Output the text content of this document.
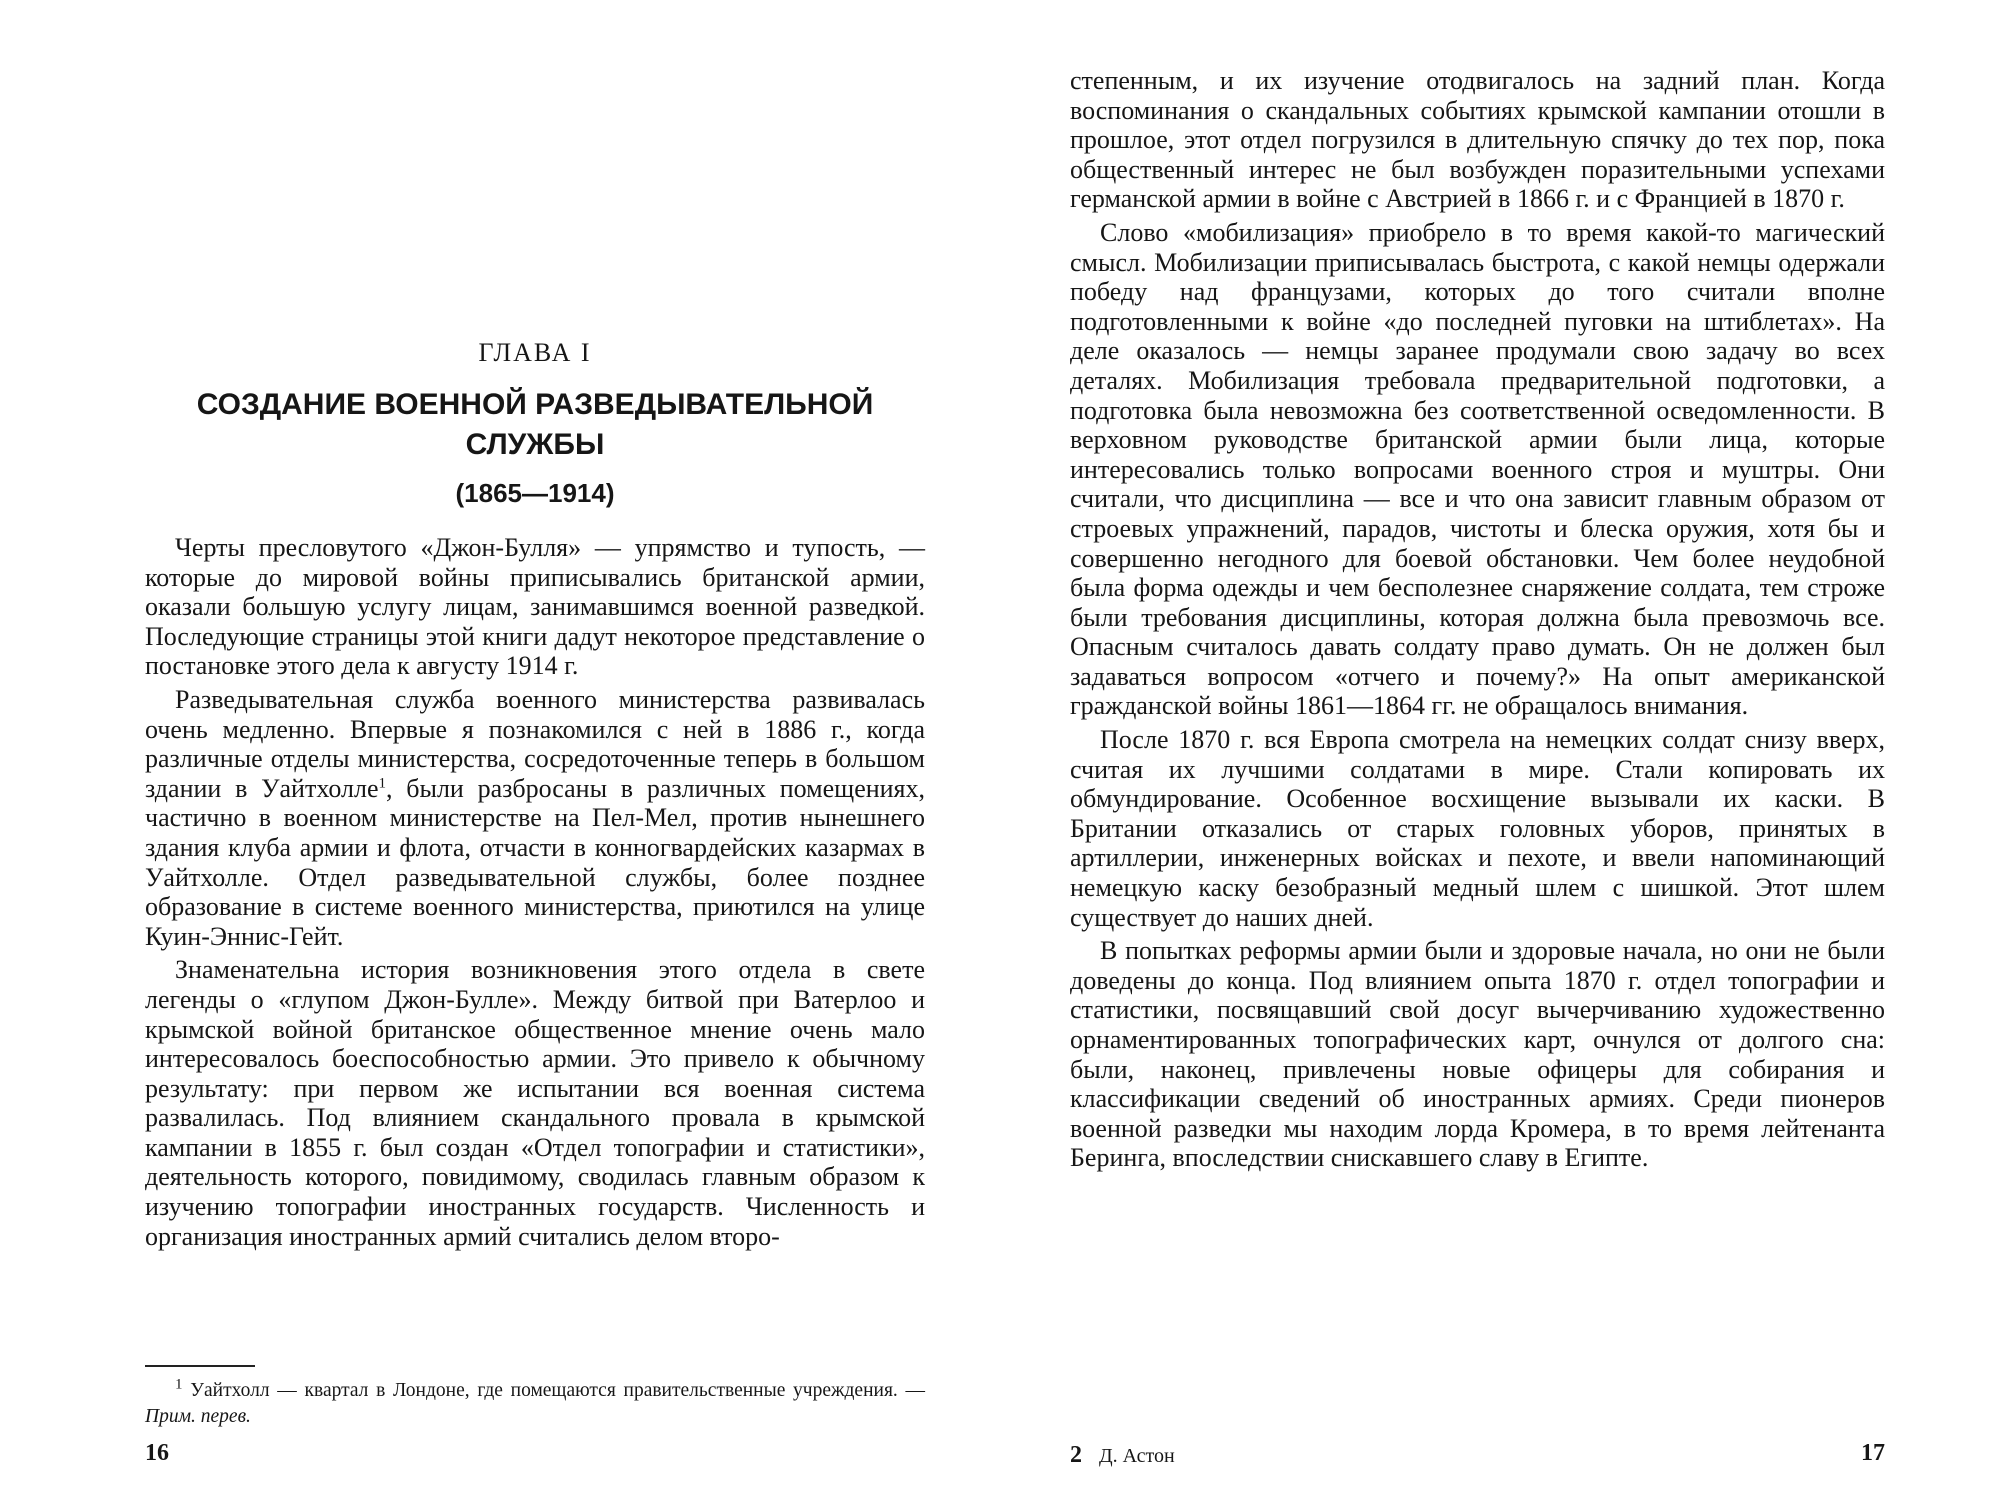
ГЛАВА I
СОЗДАНИЕ ВОЕННОЙ РАЗВЕДЫВАТЕЛЬНОЙ
СЛУЖБЫ
(1865—1914)

Черты пресловутого «Джон-Булля» — упрямство и тупость, — которые до мировой войны приписывались британской армии, оказали большую услугу лицам, занимавшимся военной разведкой. Последующие страницы этой книги дадут некоторое представление о постановке этого дела к августу 1914 г.

Разведывательная служба военного министерства развивалась очень медленно. Впервые я познакомился с ней в 1886 г., когда различные отделы министерства, сосредоточенные теперь в большом здании в Уайтхолле$^1$, были разбросаны в различных помещениях, частично в военном министерстве на Пел-Мел, против нынешнего здания клуба армии и флота, отчасти в конногвардейских казармах в Уайтхолле. Отдел разведывательной службы, более позднее образование в системе военного министерства, приютился на улице Куин-Эннис-Гейт.

Знаменательна история возникновения этого отдела в свете легенды о «глупом Джон-Булле». Между битвой при Ватерлоо и крымской войной британское общественное мнение очень мало интересовалось боеспособностью армии. Это привело к обычному результату: при первом же испытании вся военная система развалилась. Под влиянием скандального провала в крымской кампании в 1855 г. был создан «Отдел топографии и статистики», деятельность которого, повидимому, сводилась главным образом к изучению топографии иностранных государств. Численность и организация иностранных армий считались делом второ-

$^1$ Уайтхолл — квартал в Лондоне, где помещаются правительственные учреждения. — Прим. перев.
16

степенным, и их изучение отодвигалось на задний план. Когда воспоминания о скандальных событиях крымской кампании отошли в прошлое, этот отдел погрузился в длительную спячку до тех пор, пока общественный интерес не был возбужден поразительными успехами германской армии в войне с Австрией в 1866 г. и с Францией в 1870 г.

Слово «мобилизация» приобрело в то время какой-то магический смысл. Мобилизации приписывалась быстрота, с какой немцы одержали победу над французами, которых до того считали вполне подготовленными к войне «до последней пуговки на штиблетах». На деле оказалось — немцы заранее продумали свою задачу во всех деталях. Мобилизация требовала предварительной подготовки, а подготовка была невозможна без соответственной осведомленности. В верховном руководстве британской армии были лица, которые интересовались только вопросами военного строя и муштры. Они считали, что дисциплина — все и что она зависит главным образом от строевых упражнений, парадов, чистоты и блеска оружия, хотя бы и совершенно негодного для боевой обстановки. Чем более неудобной была форма одежды и чем бесполезнее снаряжение солдата, тем строже были требования дисциплины, которая должна была превозмочь все. Опасным считалось давать солдату право думать. Он не должен был задаваться вопросом «отчего и почему?» На опыт американской гражданской войны 1861—1864 гг. не обращалось внимания.

После 1870 г. вся Европа смотрела на немецких солдат снизу вверх, считая их лучшими солдатами в мире. Стали копировать их обмундирование. Особенное восхищение вызывали их каски. В Британии отказались от старых головных уборов, принятых в артиллерии, инженерных войсках и пехоте, и ввели напоминающий немецкую каску безобразный медный шлем с шишкой. Этот шлем существует до наших дней.

В попытках реформы армии были и здоровые начала, но они не были доведены до конца. Под влиянием опыта 1870 г. отдел топографии и статистики, посвящавший свой досуг вычерчиванию художественно орнаментированных топографических карт, очнулся от долгого сна: были, наконец, привлечены новые офицеры для собирания и классификации сведений об иностранных армиях. Среди пионеров военной разведки мы находим лорда Кромера, в то время лейтенанта Беринга, впоследствии снискавшего славу в Египте.

2 Д. Астон	17
